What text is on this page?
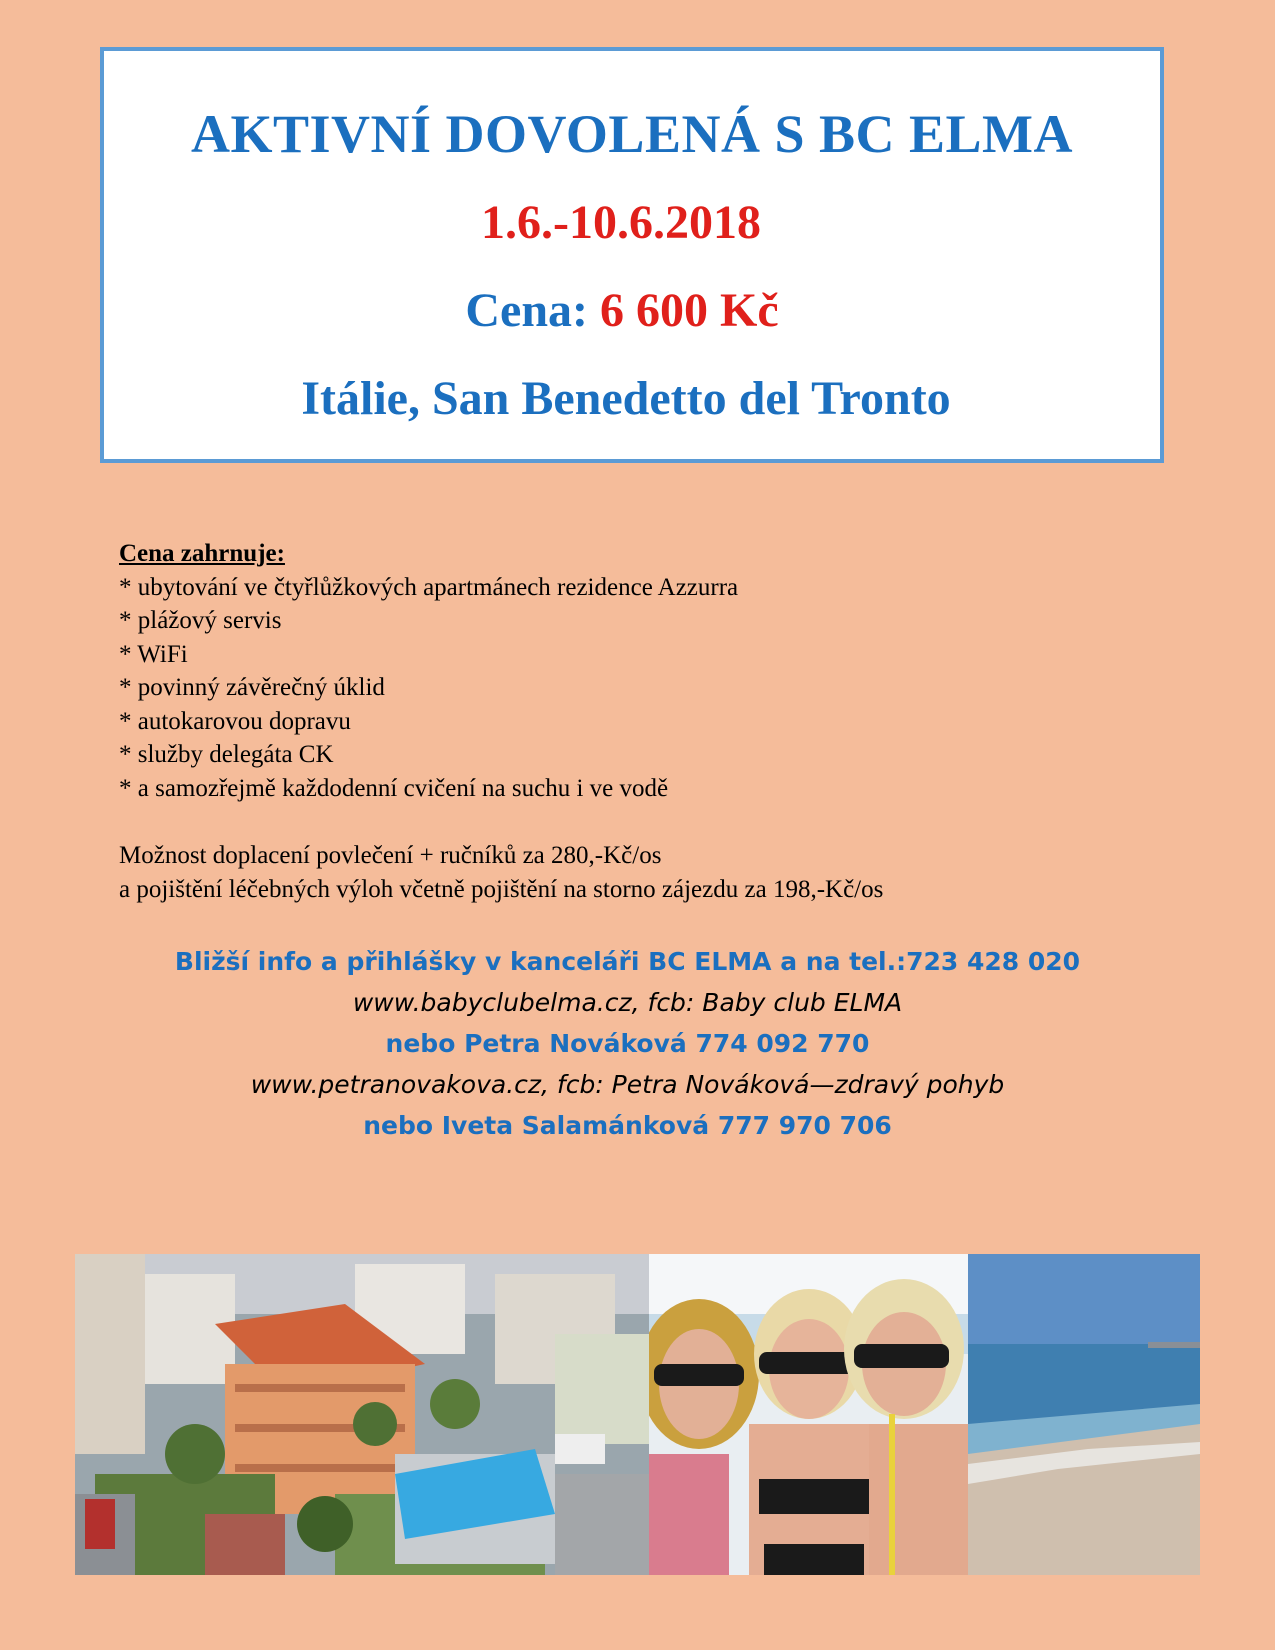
AKTIVNÍ DOVOLENÁ S BC ELMA
1.6.-10.6.2018
Cena: 6 600 Kč
Itálie, San Benedetto del Tronto
Cena zahrnuje:
* ubytování ve čtyřlůžkových apartmánech rezidence Azzurra
* plážový servis
* WiFi
* povinný závěrečný úklid
* autokarovou dopravu
* služby delegáta CK
* a samozřejmě každodenní cvičení na suchu i ve vodě
Možnost doplacení povlečení + ručníků za 280,-Kč/os
a pojištění léčebných výloh včetně pojištění na storno zájezdu za 198,-Kč/os
Bližší info a přihlášky v kanceláři BC ELMA a na tel.:723 428 020
www.babyclubelma.cz, fcb: Baby club ELMA
nebo Petra Nováková 774 092 770
www.petranovakova.cz, fcb: Petra Nováková—zdravý pohyb
nebo Iveta Salamánková 777 970 706
